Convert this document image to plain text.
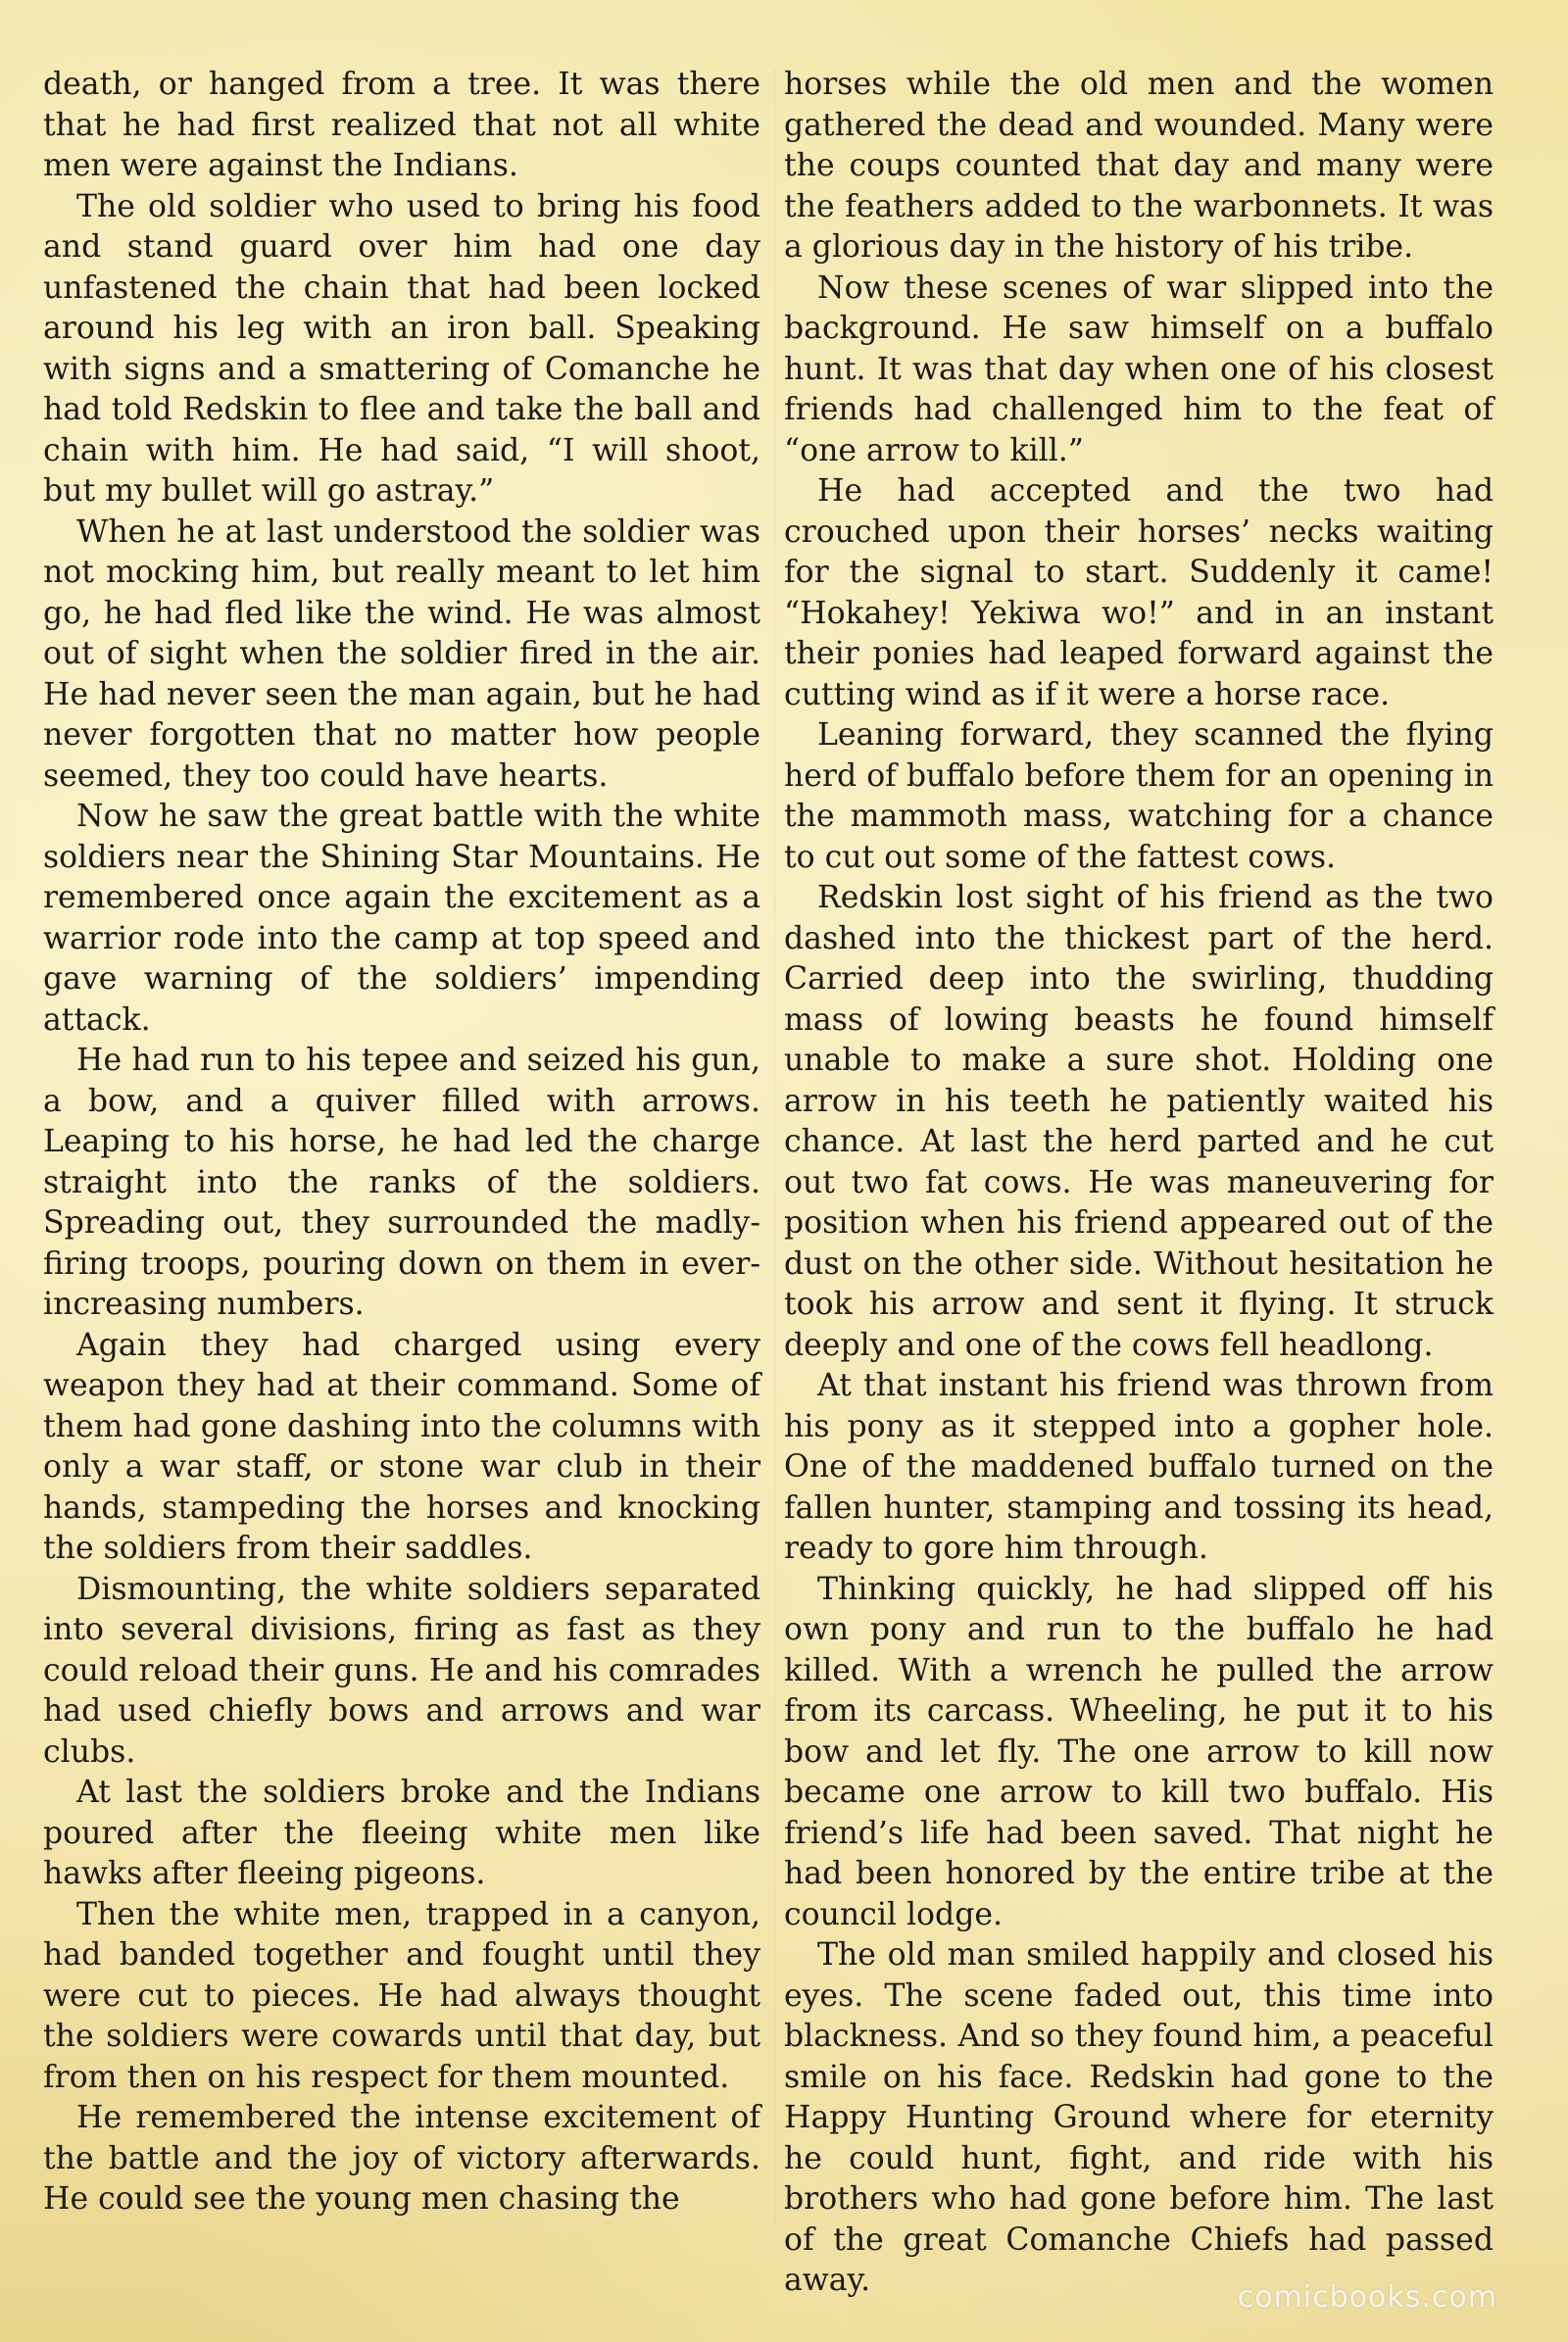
death, or hanged from a tree. It was there that he had first realized that not all white men were against the Indians.

The old soldier who used to bring his food and stand guard over him had one day unfastened the chain that had been locked around his leg with an iron ball. Speaking with signs and a smattering of Comanche he had told Redskin to flee and take the ball and chain with him. He had said, “I will shoot, but my bullet will go astray.”

When he at last understood the soldier was not mocking him, but really meant to let him go, he had fled like the wind. He was almost out of sight when the soldier fired in the air. He had never seen the man again, but he had never forgotten that no matter how people seemed, they too could have hearts.

Now he saw the great battle with the white soldiers near the Shining Star Mountains. He remembered once again the excitement as a warrior rode into the camp at top speed and gave warning of the soldiers’ impending attack.

He had run to his tepee and seized his gun, a bow, and a quiver filled with arrows. Leaping to his horse, he had led the charge straight into the ranks of the soldiers. Spreading out, they surrounded the madly-firing troops, pouring down on them in ever-increasing numbers.

Again they had charged using every weapon they had at their command. Some of them had gone dashing into the columns with only a war staff, or stone war club in their hands, stampeding the horses and knocking the soldiers from their saddles.

Dismounting, the white soldiers separated into several divisions, firing as fast as they could reload their guns. He and his comrades had used chiefly bows and arrows and war clubs.

At last the soldiers broke and the Indians poured after the fleeing white men like hawks after fleeing pigeons.

Then the white men, trapped in a canyon, had banded together and fought until they were cut to pieces. He had always thought the soldiers were cowards until that day, but from then on his respect for them mounted.

He remembered the intense excitement of the battle and the joy of victory afterwards. He could see the young men chasing the

horses while the old men and the women gathered the dead and wounded. Many were the coups counted that day and many were the feathers added to the warbonnets. It was a glorious day in the history of his tribe.

Now these scenes of war slipped into the background. He saw himself on a buffalo hunt. It was that day when one of his closest friends had challenged him to the feat of “one arrow to kill.”

He had accepted and the two had crouched upon their horses’ necks waiting for the signal to start. Suddenly it came! “Hokahey! Yekiwa wo!” and in an instant their ponies had leaped forward against the cutting wind as if it were a horse race.

Leaning forward, they scanned the flying herd of buffalo before them for an opening in the mammoth mass, watching for a chance to cut out some of the fattest cows.

Redskin lost sight of his friend as the two dashed into the thickest part of the herd. Carried deep into the swirling, thudding mass of lowing beasts he found himself unable to make a sure shot. Holding one arrow in his teeth he patiently waited his chance. At last the herd parted and he cut out two fat cows. He was maneuvering for position when his friend appeared out of the dust on the other side. Without hesitation he took his arrow and sent it flying. It struck deeply and one of the cows fell headlong.

At that instant his friend was thrown from his pony as it stepped into a gopher hole. One of the maddened buffalo turned on the fallen hunter, stamping and tossing its head, ready to gore him through.

Thinking quickly, he had slipped off his own pony and run to the buffalo he had killed. With a wrench he pulled the arrow from its carcass. Wheeling, he put it to his bow and let fly. The one arrow to kill now became one arrow to kill two buffalo. His friend’s life had been saved. That night he had been honored by the entire tribe at the council lodge.

The old man smiled happily and closed his eyes. The scene faded out, this time into blackness. And so they found him, a peaceful smile on his face. Redskin had gone to the Happy Hunting Ground where for eternity he could hunt, fight, and ride with his brothers who had gone before him. The last of the great Comanche Chiefs had passed away.	comicbooks.com
